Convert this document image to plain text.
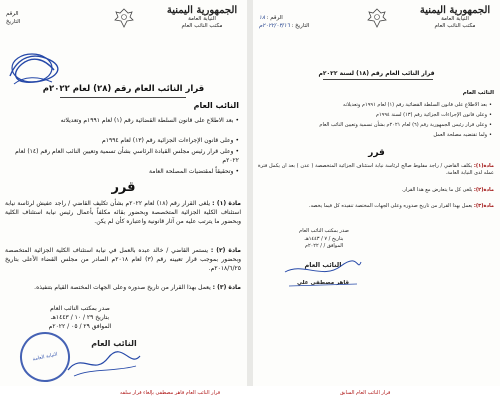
الجمهورية اليمنية
النيابة العامة
مكتب النائب العام
الرقم
التاريخ
قرار النائب العام رقم (٢٨) لعام ٢٠٢٢م
النائب العام
•بعد الاطلاع على قانون السلطة القضائية رقم (١) لعام ١٩٩١م وتعديلاته
•وعلى قانون الإجراءات الجزائية رقم (١٣) لعام ١٩٩٤م
•وعلى قرار رئيس مجلس القيادة الرئاسي بشأن تسمية وتعيين النائب العام رقم (١٤) لعام ٢٠٢٢م
•وتحقيقاً لمقتضيات المصلحة العامة
قرر
مادة (١) : يلغى القرار رقم (١٨) لعام ٢٠٢٢م بشأن تكليف القاضي / راجد عفيش لرئاسة نيابة استئناف الكلية الجزائية المتخصصة وبحضور بقائه مكلفاً بأعمال رئيس نيابة استئناف الكلية وبحضور ما يترتب عليه من آثار قانونية واعتباره كأن لم يكن.
مادة (٢) : يستمر القاضي / خالد عبده بالعمل في نيابة استئناف الكلية الجزائية المتخصصة وبحضور بموجب قرار تعيينه رقم (٣) لعام ٢٠١٨م الصادر من مجلس القضاء الأعلى بتاريخ ٢٠١٨/٦/٢٥م.
مادة (٣) : يعمل بهذا القرار من تاريخ صدوره وعلى الجهات المختصة القيام بتنفيذه.
صدر بمكتب النائب العام
بتاريخ ٢٩ / ١٠ / ١٤٤٣هـ
الموافق ٢٩ / ٠٥ / ٢٠٢٢م
النيابة العامة
النائب العام
الجمهورية اليمنية
النيابة العامة
مكتب النائب العام
الرقم : ١٨
التاريخ : ٢٠٢٢/٠٣/١٦م
قرار النائب العام رقم (١٨) لسنة ٢٠٢٢م
النائب العام
•بعد الاطلاع على قانون السلطة القضائية رقم (١) لعام ١٩٩١م وتعديلاته
•وعلى قانون الإجراءات الجزائية رقم (١٣) لسنة ١٩٩٤م
•وعلى قرار رئيس الجمهورية رقم (٦) لعام ٢٠٢١م بشأن تسمية وتعيين النائب العام
•ولما تقتضيه مصلحة العمل
قرر
مادة(١): يكلف القاضي / راجد مفلوط صالح لرئاسة نيابة استئناف الجزائية المتخصصة ( عدن ) بعد ان يكمل فترة عمله لدى النيابة العامة.
مادة(٢): يلغى كل ما يتعارض مع هذا القرار.
مادة(٣): يعمل بهذا القرار من تاريخ صدوره وعلى الجهات المختصة تنفيذه كل فيما يخصه.
صدر بمكتب النائب العام
بتاريخ / ٧ / ١٤٤٣هـ
الموافق / / ٢٠٢٢م
النائب العام
قاهر مصطفى علي
قرار النائب العام قاهر مصطفى بإلغاء قرار سلفه	قرار النائب العام السابق
